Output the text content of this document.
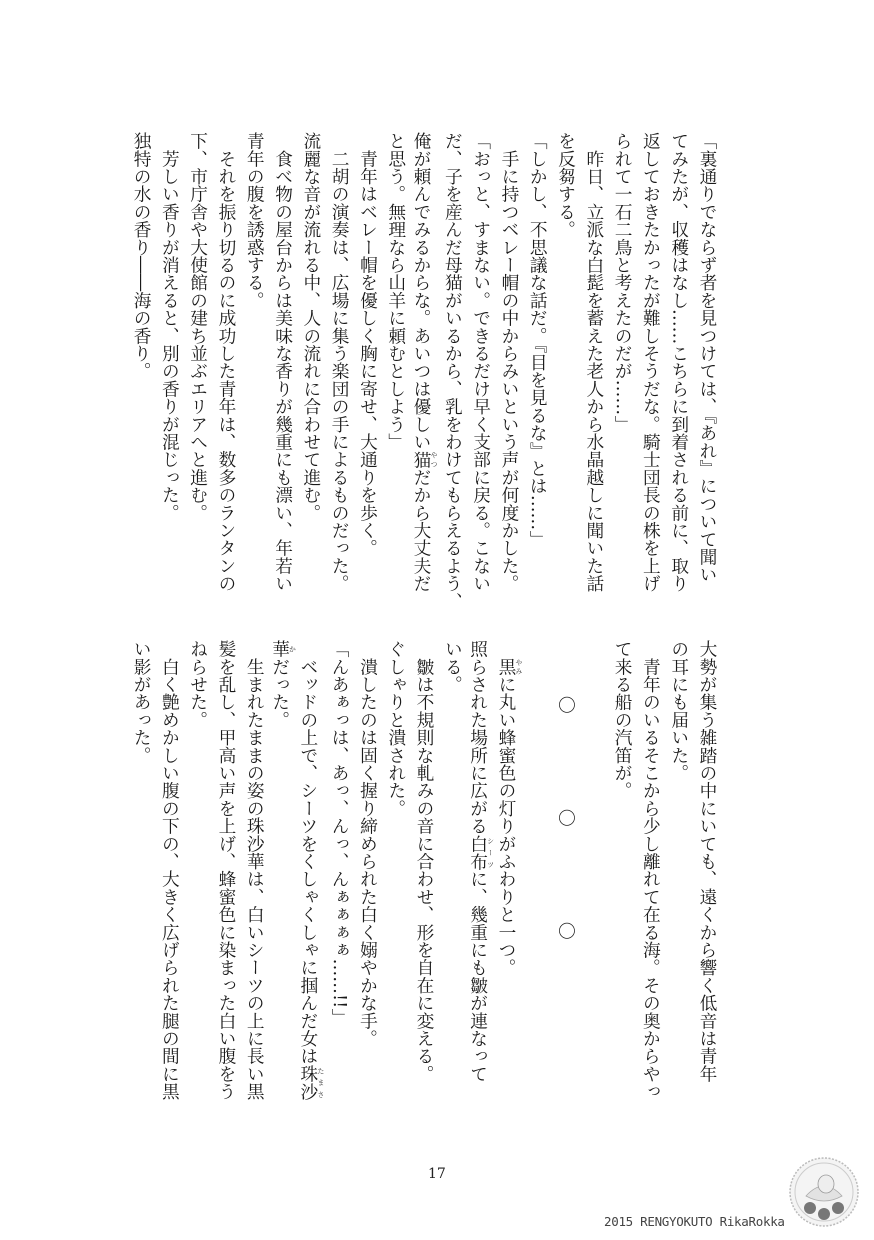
「裏通りでならず者を見つけては、『あれ』について聞い
てみたが、収穫はなし……こちらに到着される前に、取り
返しておきたかったが難しそうだな。騎士団長の株を上げ
られて一石二鳥と考えたのだが……」
　昨日、立派な白髭を蓄えた老人から水晶越しに聞いた話
を反芻する。
「しかし、不思議な話だ。『目を見るな』とは……」
　手に持つベレー帽の中からみいという声が何度かした。
「おっと、すまない。できるだけ早く支部に戻る。こない
だ、子を産んだ母猫がいるから、乳をわけてもらえるよう、
俺が頼んでみるからな。あいつは優しい猫 やつだから大丈夫だ
と思う。無理なら山羊に頼むとしよう」
　青年はベレー帽を優しく胸に寄せ、大通りを歩く。
　二胡の演奏は、広場に集う楽団の手によるものだった。
流麗な音が流れる中、人の流れに合わせて進む。
　食べ物の屋台からは美味な香りが幾重にも漂い、年若い
青年の腹を誘惑する。
　それを振り切るのに成功した青年は、数多のランタンの
下、市庁舎や大使館の建ち並ぶエリアへと進む。
　芳しい香りが消えると、別の香りが混じった。
独特の水の香り――海の香り。
大勢が集う雑踏の中にいても、遠くから響く低音は青年
の耳にも届いた。
　青年のいるそこから少し離れて在る海。その奥からやっ
て来る船の汽笛が。
〇　〇　〇
　黒 やみに丸い蜂蜜色の灯りがふわりと一つ。
照らされた場所に広がる白布 シーツに、幾重にも皺が連なって
いる。
　皺は不規則な軋みの音に合わせ、形を自在に変える。
ぐしゃりと潰された。
　潰したのは固く握り締められた白く嫋やかな手。
「んあぁっは、あっ、んっ、んぁぁぁぁ……!!」
　ベッドの上で、シーツをくしゃくしゃに掴んだ女は珠沙 たまさ
華 かだった。
　生まれたままの姿の珠沙華は、白いシーツの上に長い黒
髪を乱し、甲高い声を上げ、蜂蜜色に染まった白い腹をう
ねらせた。
　白く艶めかしい腹の下の、大きく広げられた腿の間に黒
い影があった。
17
2015 RENGYOKUTO RikaRokka
